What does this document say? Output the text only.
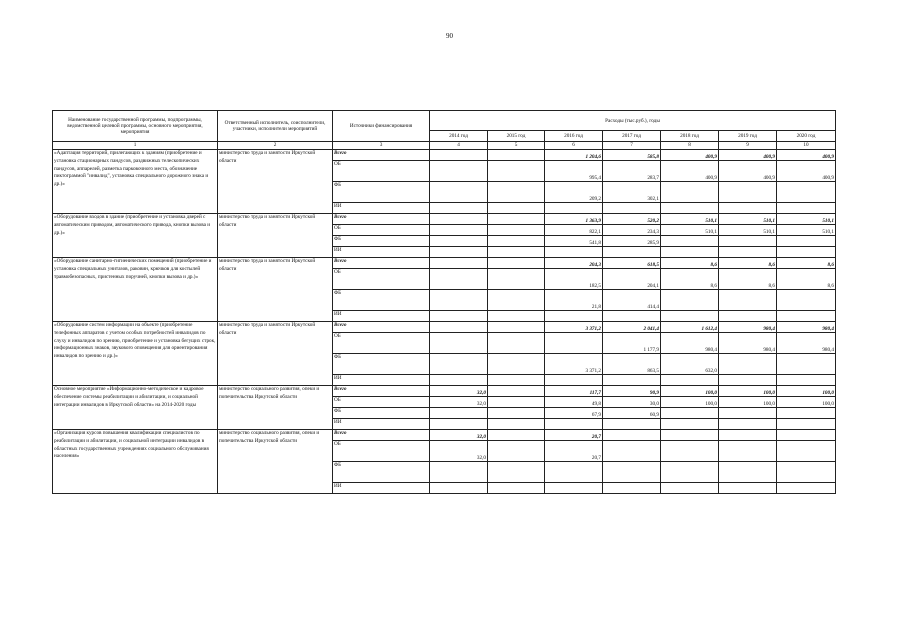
90
Наименование государственной программы, подпрограммы, ведомственной целевой программы, основного мероприятия, мероприятия	Ответственный исполнитель, соисполнители, участники, исполнители мероприятий	Источники финансирования	Расходы (тыс.руб.), годы						
			2014 год	2015 год	2016 год	2017 год	2018 год	2019 год	2020 год
1	2	3	4	5	6	7	8	9	10
«Адаптация территорий, прилегающих к зданиям (приобретение и установка стационарных пандусов, раздвижных телескопических пандусов, аппарелей, разметка парковочного места, обозначение пиктограммой "инвалид", установка специального дорожного знака и др.)»	министерство труда и занятости Иркутской области	Всего			1 204,6	585,8	400,9	400,9	400,9
		ОБ			995,4	283,7	400,9	400,9	400,9
		ФБ			209,2	302,1			
		ИИ							
«Оборудование входов в здание (приобретение и установка дверей с автоматическим приводом, автоматического привода, кнопки вызова и др.)»	министерство труда и занятости Иркутской области	Всего			1 363,9	520,2	510,1	510,1	510,1
		ОБ			822,1	234,3	510,1	510,1	510,1
		ФБ			541,8	285,9			
		ИИ							
«Оборудование санитарно-гигиенических помещений (приобретение и установка специальных унитазов, раковин, крючков для костылей травмобезопасных, пристенных поручней, кнопки вызова и др.)»	министерство труда и занятости Иркутской области	Всего			204,3	618,5	8,6	8,6	8,6
		ОБ			182,5	204,1	8,6	8,6	8,6
		ФБ			21,8	414,4			
		ИИ							
«Оборудование систем информации на объекте (приобретение телефонных аппаратов с учетом особых потребностей инвалидов по слуху и инвалидов по зрению, приобретение и установка бегущих строк, информационных знаков, звукового оповещения для ориентирования инвалидов по зрению и др.)»	министерство труда и занятости Иркутской области	Всего			3 371,2	2 041,4	1 612,4	980,4	980,4
		ОБ				1 177,9	980,4	980,4	980,4
		ФБ			3 371,2	863,5	632,0		
		ИИ							
Основное мероприятие «Информационно-методическое и кадровое обеспечение системы реабилитации и абилитации, и социальной интеграции инвалидов в Иркутской области» на 2014-2020 годы	министерство социального развития, опеки и попечительства Иркутской области	Всего	32,0		117,7	90,9	100,0	100,0	100,0
		ОБ	32,0		49,8	30,0	100,0	100,0	100,0
		ФБ			67,9	60,9			
		ИИ							
«Организация курсов повышения квалификации специалистов по реабилитации и абилитации, и социальной интеграции инвалидов в областных государственных учреждениях социального обслуживания населения»	министерство социального развития, опеки и попечительства Иркутской области	Всего	32,0		20,7				
		ОБ	32,0		20,7				
		ФБ							
		ИИ							
